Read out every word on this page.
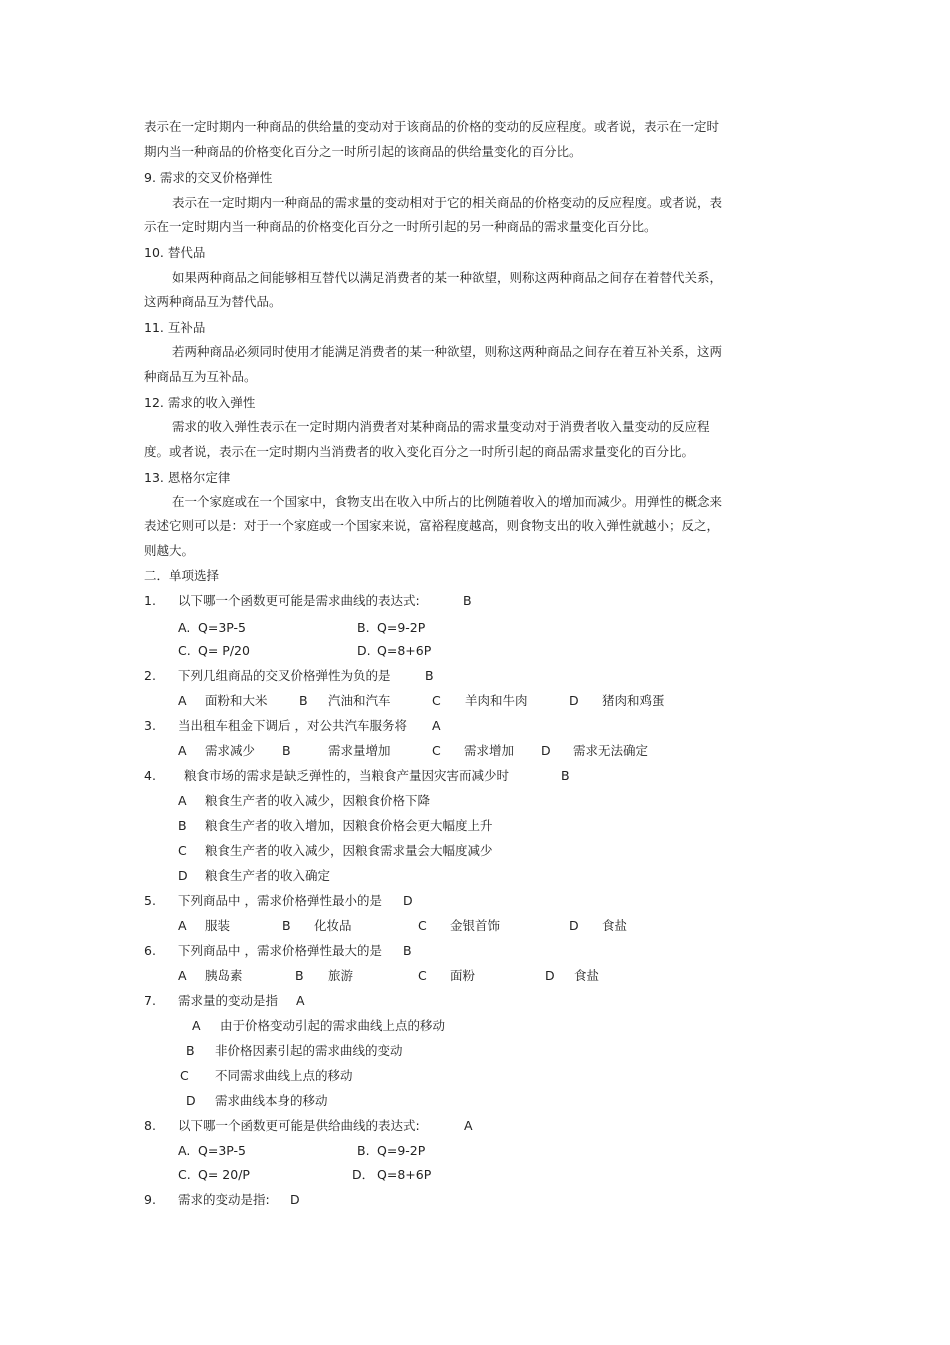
表示在一定时期内一种商品的供给量的变动对于该商品的价格的变动的反应程度。或者说，表示在一定时
期内当一种商品的价格变化百分之一时所引起的该商品的供给量变化的百分比。
9. 需求的交叉价格弹性
表示在一定时期内一种商品的需求量的变动相对于它的相关商品的价格变动的反应程度。或者说，表
示在一定时期内当一种商品的价格变化百分之一时所引起的另一种商品的需求量变化百分比。
10. 替代品
如果两种商品之间能够相互替代以满足消费者的某一种欲望，则称这两种商品之间存在着替代关系，
这两种商品互为替代品。
11. 互补品
若两种商品必须同时使用才能满足消费者的某一种欲望，则称这两种商品之间存在着互补关系，这两
种商品互为互补品。
12. 需求的收入弹性
需求的收入弹性表示在一定时期内消费者对某种商品的需求量变动对于消费者收入量变动的反应程
度。或者说，表示在一定时期内当消费者的收入变化百分之一时所引起的商品需求量变化的百分比。
13. 恩格尔定律
在一个家庭或在一个国家中，食物支出在收入中所占的比例随着收入的增加而减少。用弹性的概念来
表述它则可以是：对于一个家庭或一个国家来说，富裕程度越高，则食物支出的收入弹性就越小；反之，
则越大。
二．单项选择
1. 以下哪一个函数更可能是需求曲线的表达式:	B
A. Q=3P-5	B. Q=9-2P
C. Q= P/20	D. Q=8+6P
2. 下列几组商品的交叉价格弹性为负的是	B
A 面粉和大米	B 汽油和汽车	C 羊肉和牛肉	D 猪肉和鸡蛋
3. 当出租车租金下调后 ，对公共汽车服务将 A
A 需求减少 B	需求量增加	C 需求增加 D 需求无法确定
4. 粮食市场的需求是缺乏弹性的，当粮食产量因灾害而减少时	B
A 粮食生产者的收入减少，因粮食价格下降
B 粮食生产者的收入增加，因粮食价格会更大幅度上升
C 粮食生产者的收入减少，因粮食需求量会大幅度减少
D 粮食生产者的收入确定
5. 下列商品中 ，需求价格弹性最小的是 D
A 服装	B 化妆品	C 金银首饰	D 食盐
6. 下列商品中 ，需求价格弹性最大的是 B
A 胰岛素	B 旅游	C 面粉	D 食盐
7. 需求量的变动是指 A
A 由于价格变动引起的需求曲线上点的移动
B 非价格因素引起的需求曲线的变动
C 不同需求曲线上点的移动
D 需求曲线本身的移动
8. 以下哪一个函数更可能是供给曲线的表达式:	A
A. Q=3P-5	B. Q=9-2P
C. Q= 20/P	D． Q=8+6P
9. 需求的变动是指: D
